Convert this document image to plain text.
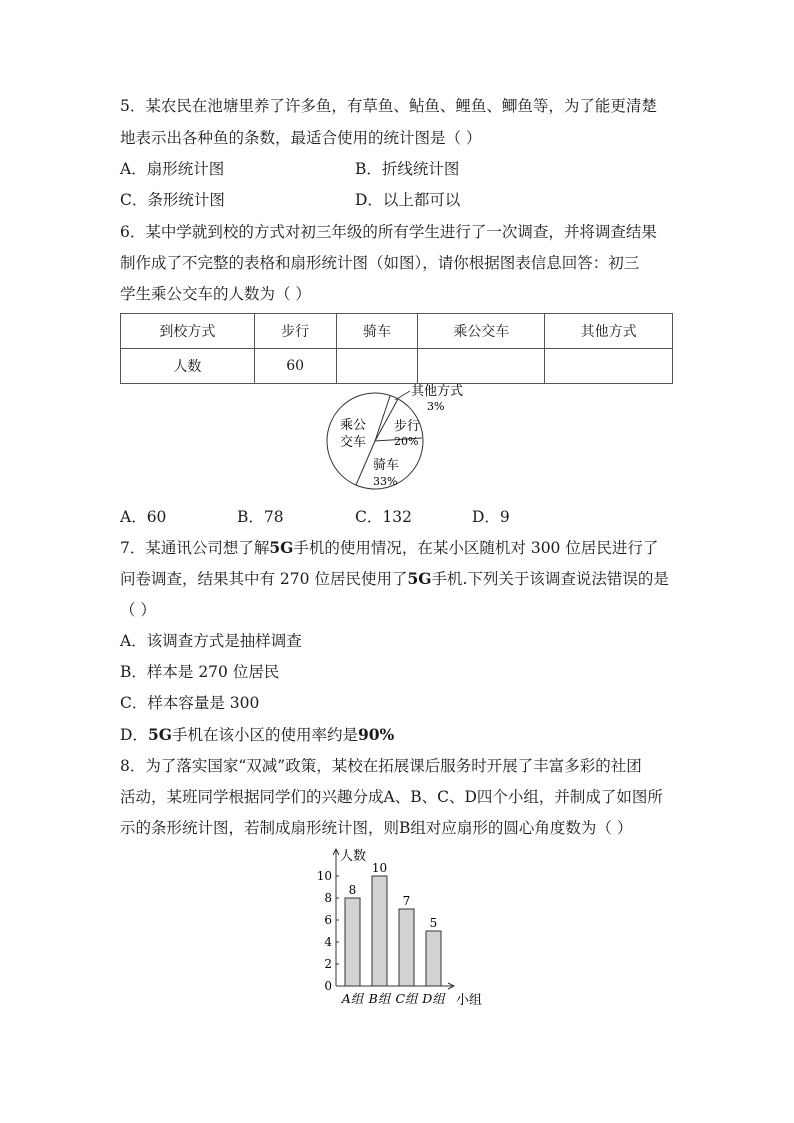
5．某农民在池塘里养了许多鱼，有草鱼、鲇鱼、鲤鱼、鲫鱼等，为了能更清楚
地表示出各种鱼的条数，最适合使用的统计图是（ ）
A．扇形统计图	B．折线统计图
C．条形统计图	D．以上都可以
6．某中学就到校的方式对初三年级的所有学生进行了一次调查，并将调查结果
制作成了不完整的表格和扇形统计图（如图），请你根据图表信息回答：初三
学生乘公交车的人数为（ ）
到校方式	步行	骑车	乘公交车	其他方式
人数	60			
其他方式
3%
步行
20%
骑车
33%
乘公
交车
A．60	B．78	C．132	D．9
7．某通讯公司想了解5G手机的使用情况，在某小区随机对 300 位居民进行了
问卷调查，结果其中有 270 位居民使用了5G手机.下列关于该调查说法错误的是
（ ）
A．该调查方式是抽样调查
B．样本是 270 位居民
C．样本容量是 300
D．5G手机在该小区的使用率约是90%
8．为了落实国家“双减”政策，某校在拓展课后服务时开展了丰富多彩的社团
活动，某班同学根据同学们的兴趣分成A、B、C、D四个小组，并制成了如图所
示的条形统计图，若制成扇形统计图，则B组对应扇形的圆心角度数为（ ）
人数
小组
0
2
4
6
8
10
8
A组
10
B组
7
C组
5
D组
